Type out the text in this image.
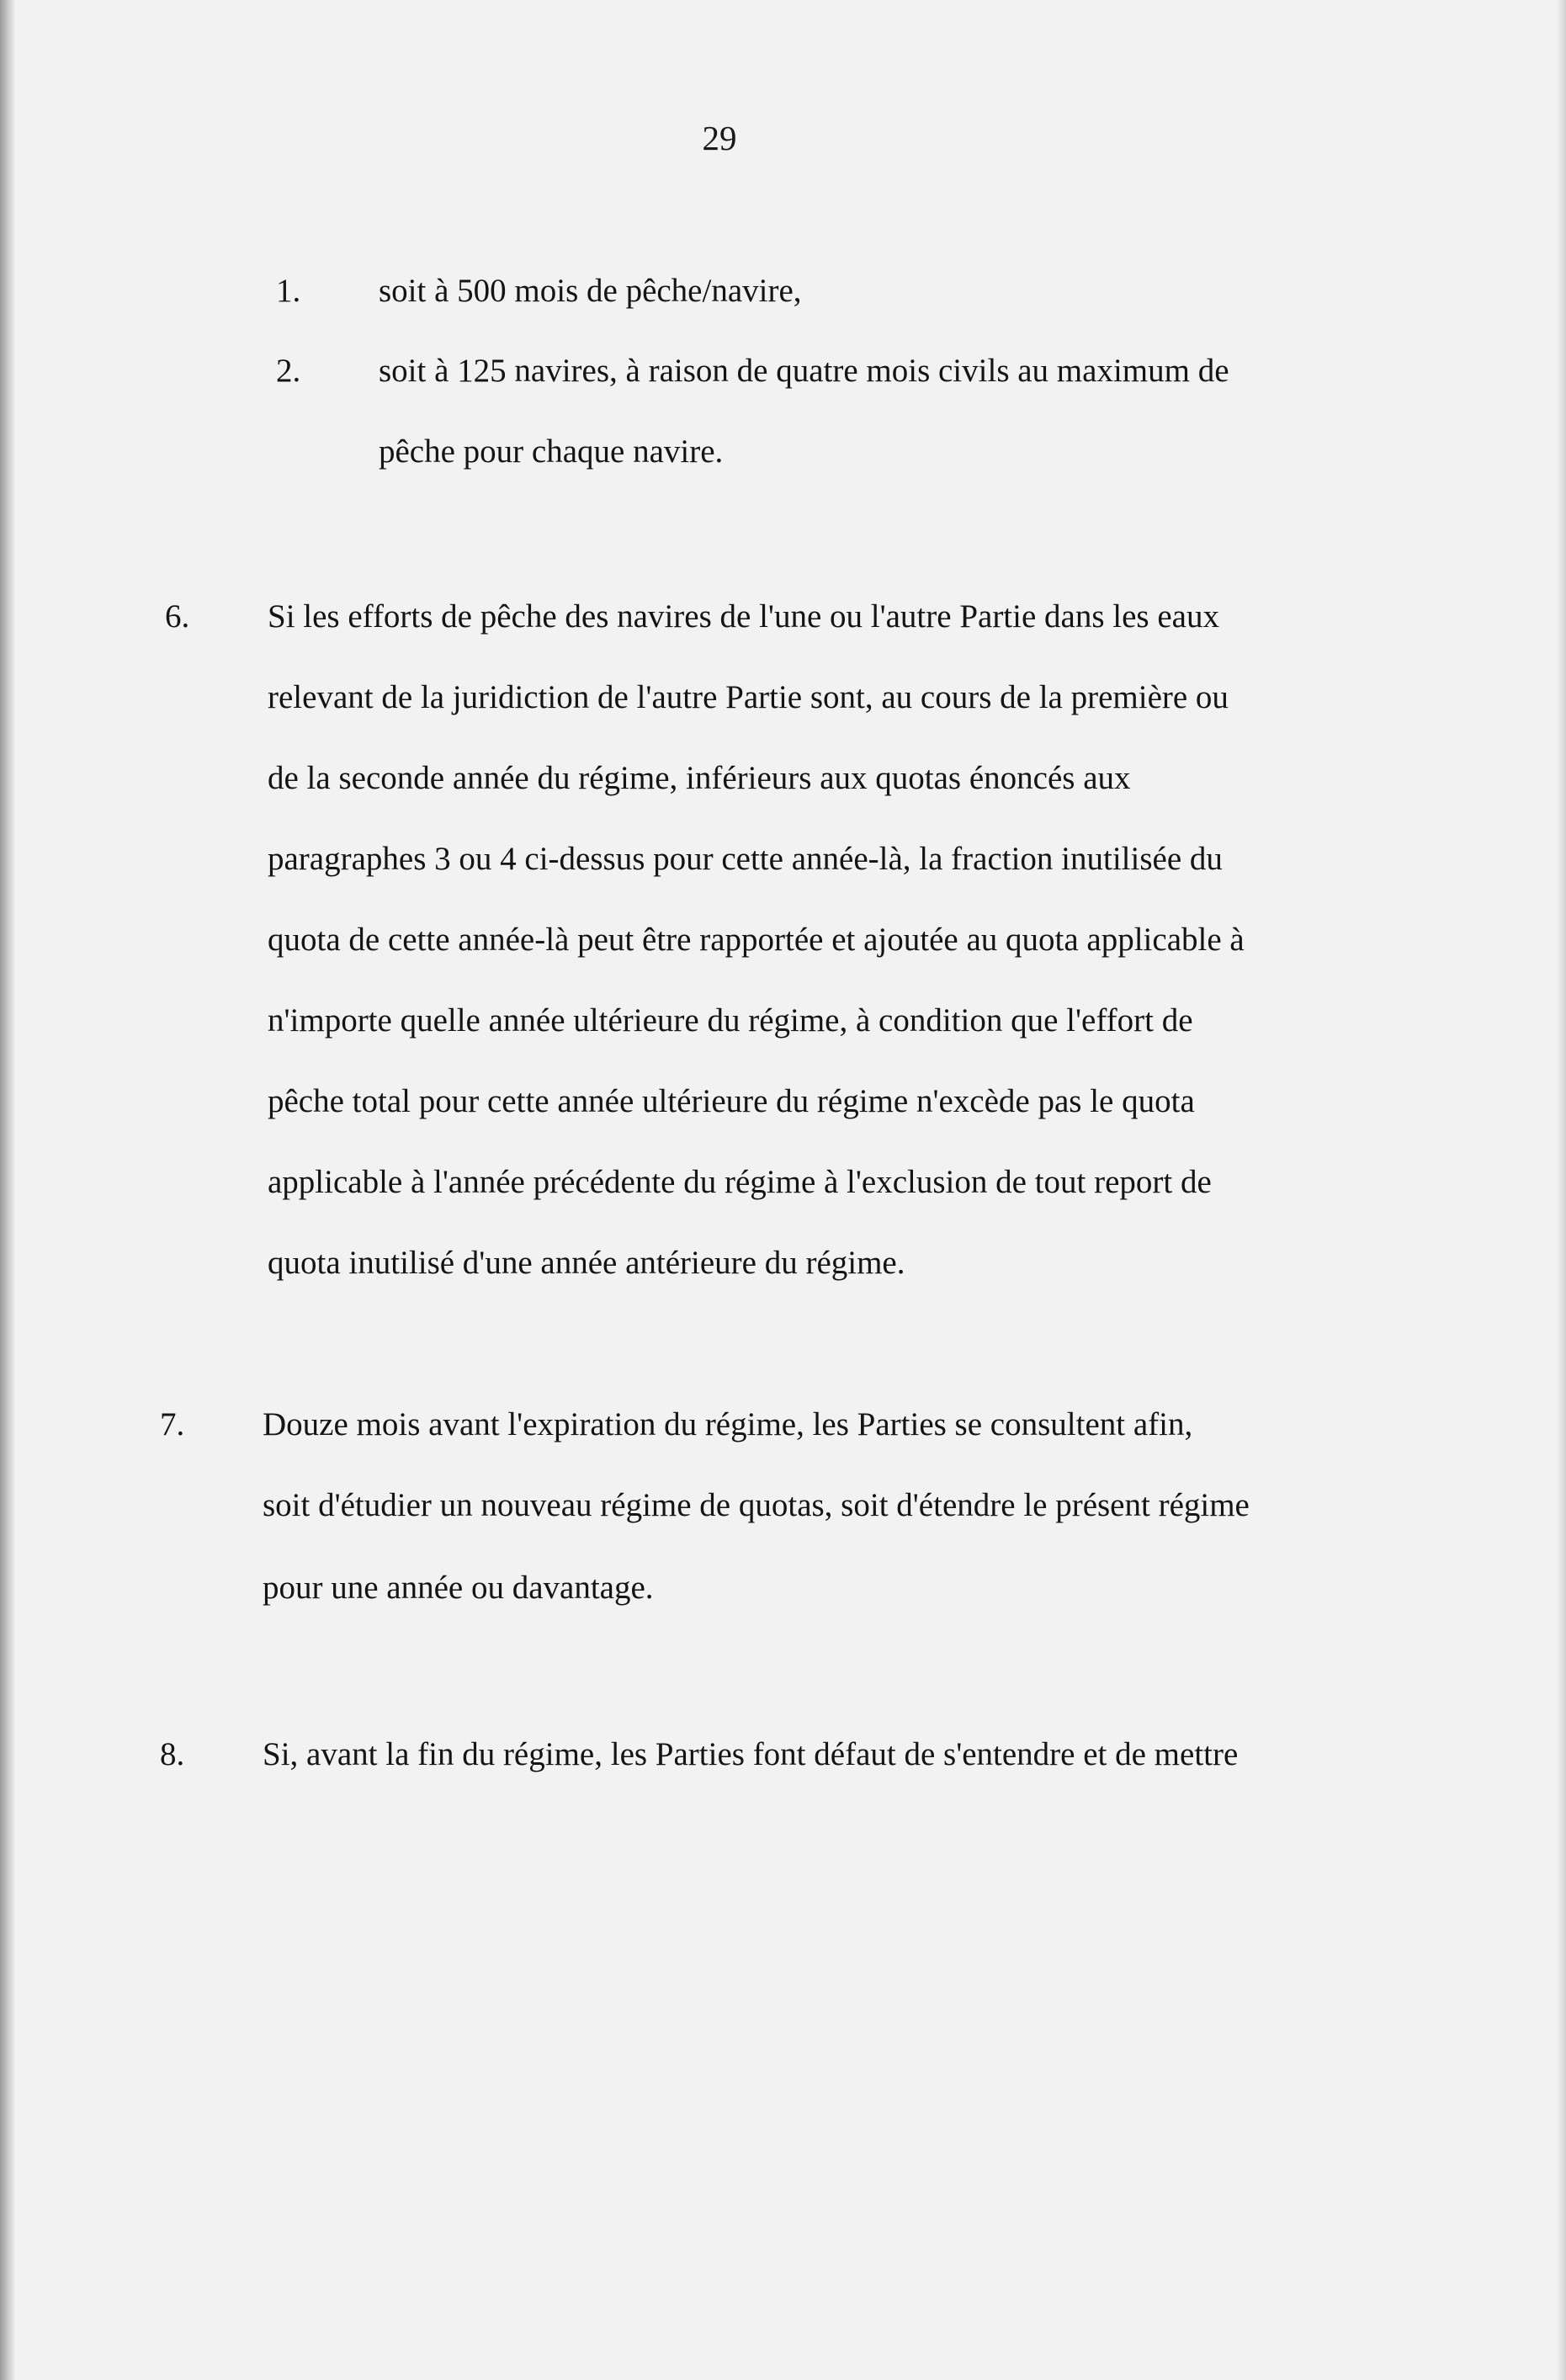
29
1. soit à 500 mois de pêche/navire,
2. soit à 125 navires, à raison de quatre mois civils au maximum de
pêche pour chaque navire.
6. Si les efforts de pêche des navires de l'une ou l'autre Partie dans les eaux
relevant de la juridiction de l'autre Partie sont, au cours de la première ou
de la seconde année du régime, inférieurs aux quotas énoncés aux
paragraphes 3 ou 4 ci-dessus pour cette année-là, la fraction inutilisée du
quota de cette année-là peut être rapportée et ajoutée au quota applicable à
n'importe quelle année ultérieure du régime, à condition que l'effort de
pêche total pour cette année ultérieure du régime n'excède pas le quota
applicable à l'année précédente du régime à l'exclusion de tout report de
quota inutilisé d'une année antérieure du régime.
7. Douze mois avant l'expiration du régime, les Parties se consultent afin,
soit d'étudier un nouveau régime de quotas, soit d'étendre le présent régime
pour une année ou davantage.
8. Si, avant la fin du régime, les Parties font défaut de s'entendre et de mettre
